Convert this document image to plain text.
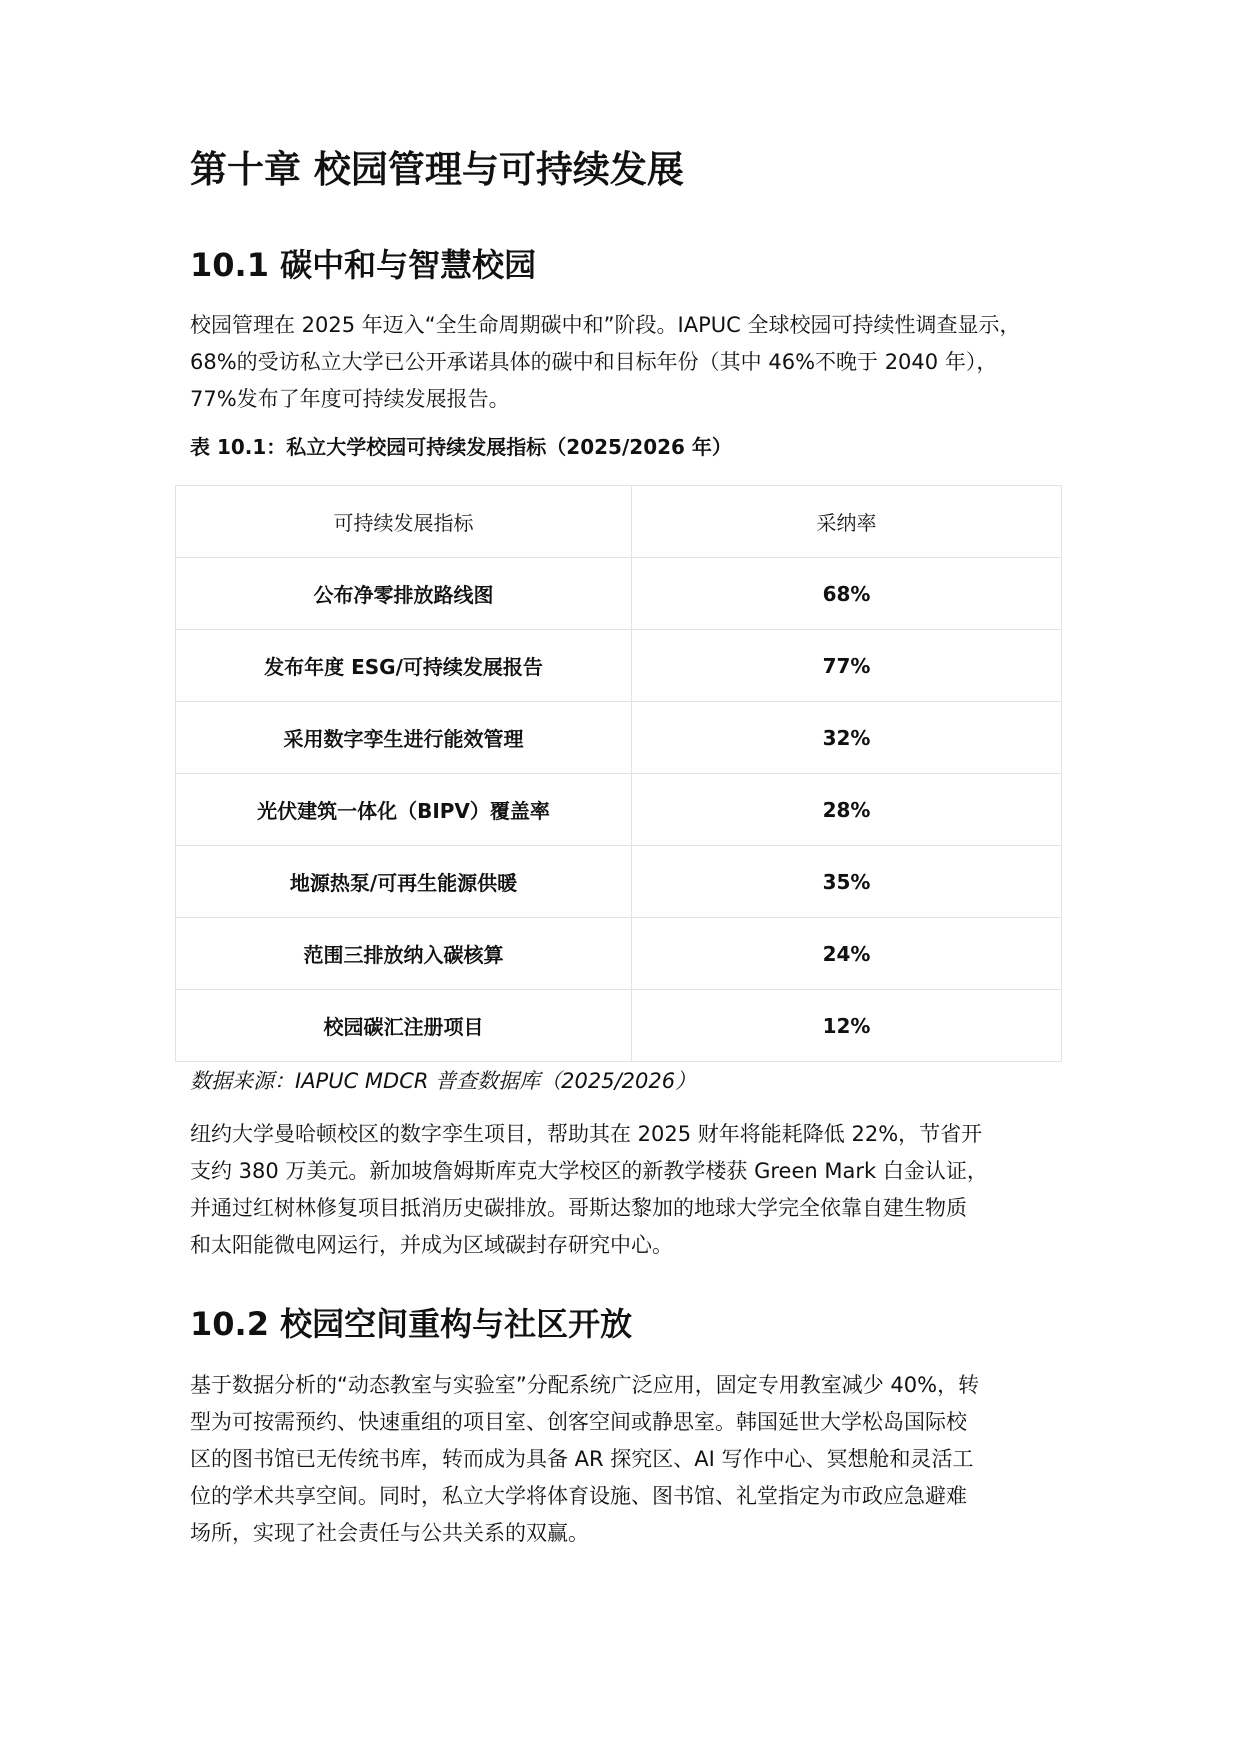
第十章 校园管理与可持续发展
10.1 碳中和与智慧校园

校园管理在 2025 年迈入“全生命周期碳中和”阶段。IAPUC 全球校园可持续性调查显示，
68%的受访私立大学已公开承诺具体的碳中和目标年份（其中 46%不晚于 2040 年），
77%发布了年度可持续发展报告。

表 10.1：私立大学校园可持续发展指标（2025/2026 年）
可持续发展指标	采纳率
公布净零排放路线图	68%
发布年度 ESG/可持续发展报告	77%
采用数字孪生进行能效管理	32%
光伏建筑一体化（BIPV）覆盖率	28%
地源热泵/可再生能源供暖	35%
范围三排放纳入碳核算	24%
校园碳汇注册项目	12%
数据来源：IAPUC MDCR 普查数据库（2025/2026）

纽约大学曼哈顿校区的数字孪生项目，帮助其在 2025 财年将能耗降低 22%，节省开
支约 380 万美元。新加坡詹姆斯库克大学校区的新教学楼获 Green Mark 白金认证，
并通过红树林修复项目抵消历史碳排放。哥斯达黎加的地球大学完全依靠自建生物质
和太阳能微电网运行，并成为区域碳封存研究中心。

10.2 校园空间重构与社区开放

基于数据分析的“动态教室与实验室”分配系统广泛应用，固定专用教室减少 40%，转
型为可按需预约、快速重组的项目室、创客空间或静思室。韩国延世大学松岛国际校
区的图书馆已无传统书库，转而成为具备 AR 探究区、AI 写作中心、冥想舱和灵活工
位的学术共享空间。同时，私立大学将体育设施、图书馆、礼堂指定为市政应急避难
场所，实现了社会责任与公共关系的双赢。
